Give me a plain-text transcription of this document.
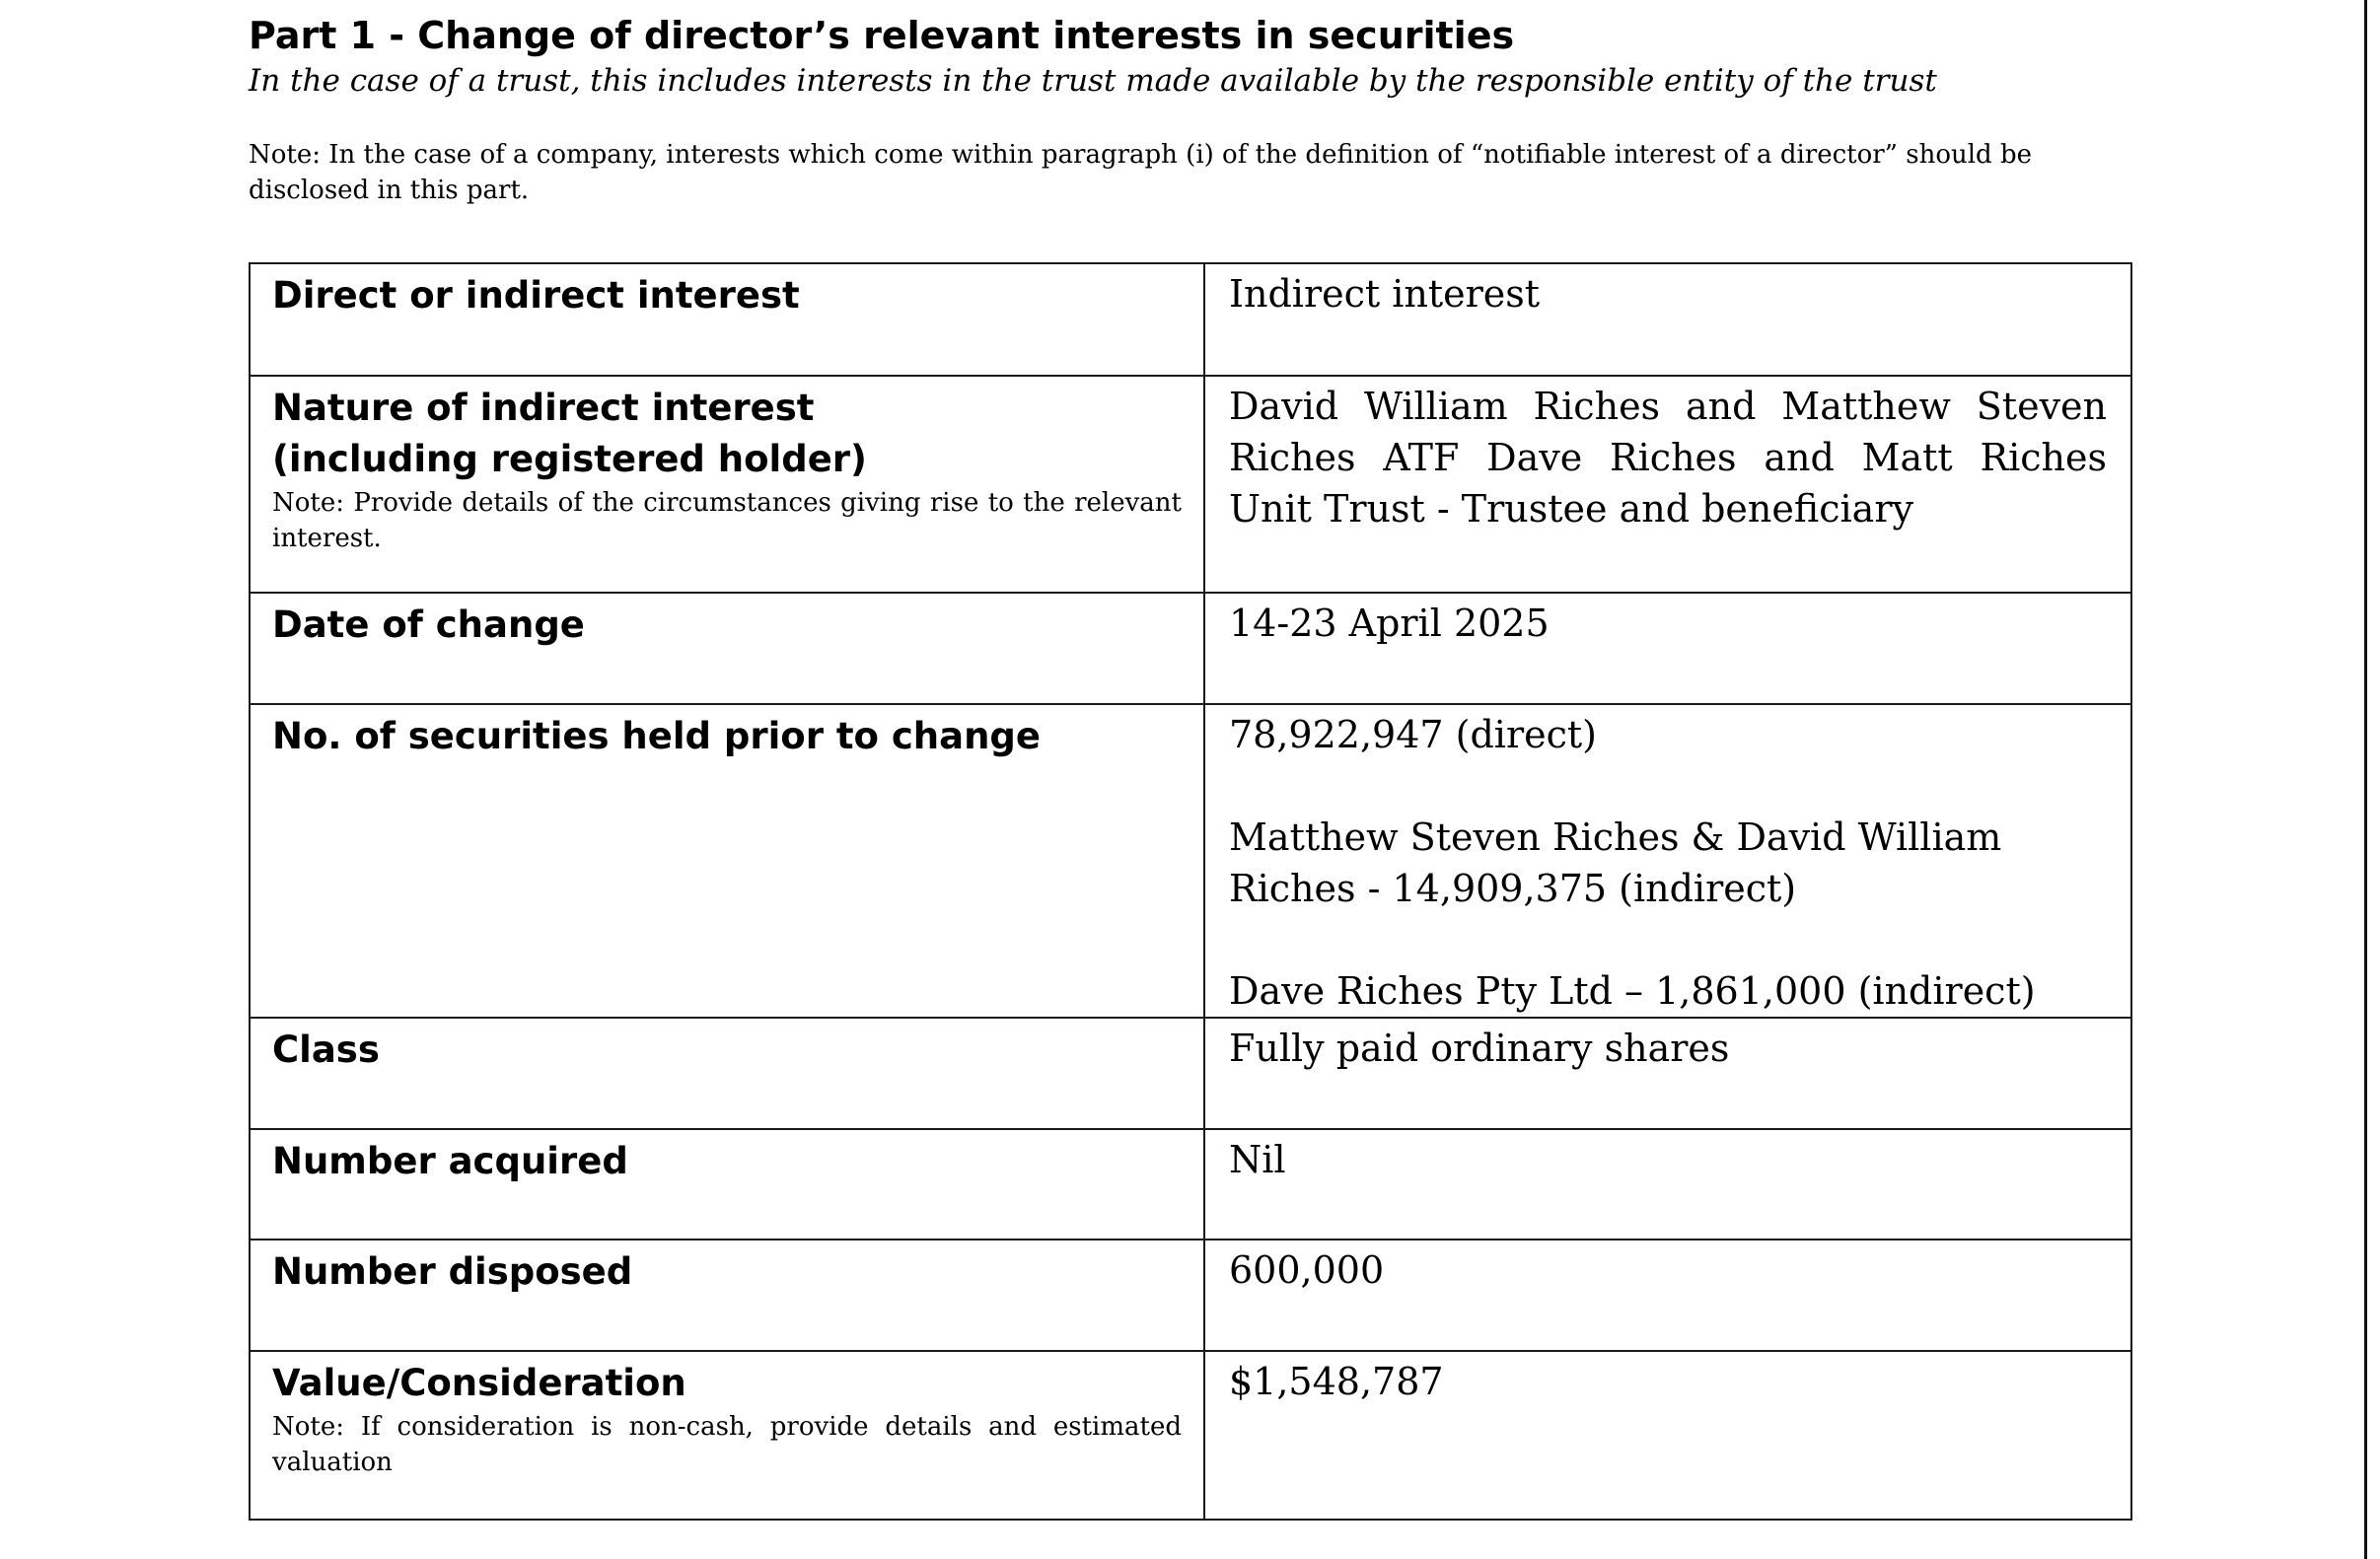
Part 1 - Change of director’s relevant interests in securities
In the case of a trust, this includes interests in the trust made available by the responsible entity of the trust
Note: In the case of a company, interests which come within paragraph (i) of the definition of “notifiable interest of a director” should be disclosed in this part.
Direct or indirect interest	Indirect interest

Nature of indirect interest
(including registered holder)
Note: Provide details of the circumstances giving rise to the relevant interest.	David William Riches and Matthew Steven Riches ATF Dave Riches and Matt Riches Unit Trust - Trustee and beneficiary

Date of change	14-23 April 2025

No. of securities held prior to change	78,922,947 (direct)
Matthew Steven Riches & David William Riches - 14,909,375 (indirect)
Dave Riches Pty Ltd – 1,861,000 (indirect)

Class	Fully paid ordinary shares

Number acquired	Nil

Number disposed	600,000

Value/Consideration
Note: If consideration is non-cash, provide details and estimated valuation	$1,548,787
